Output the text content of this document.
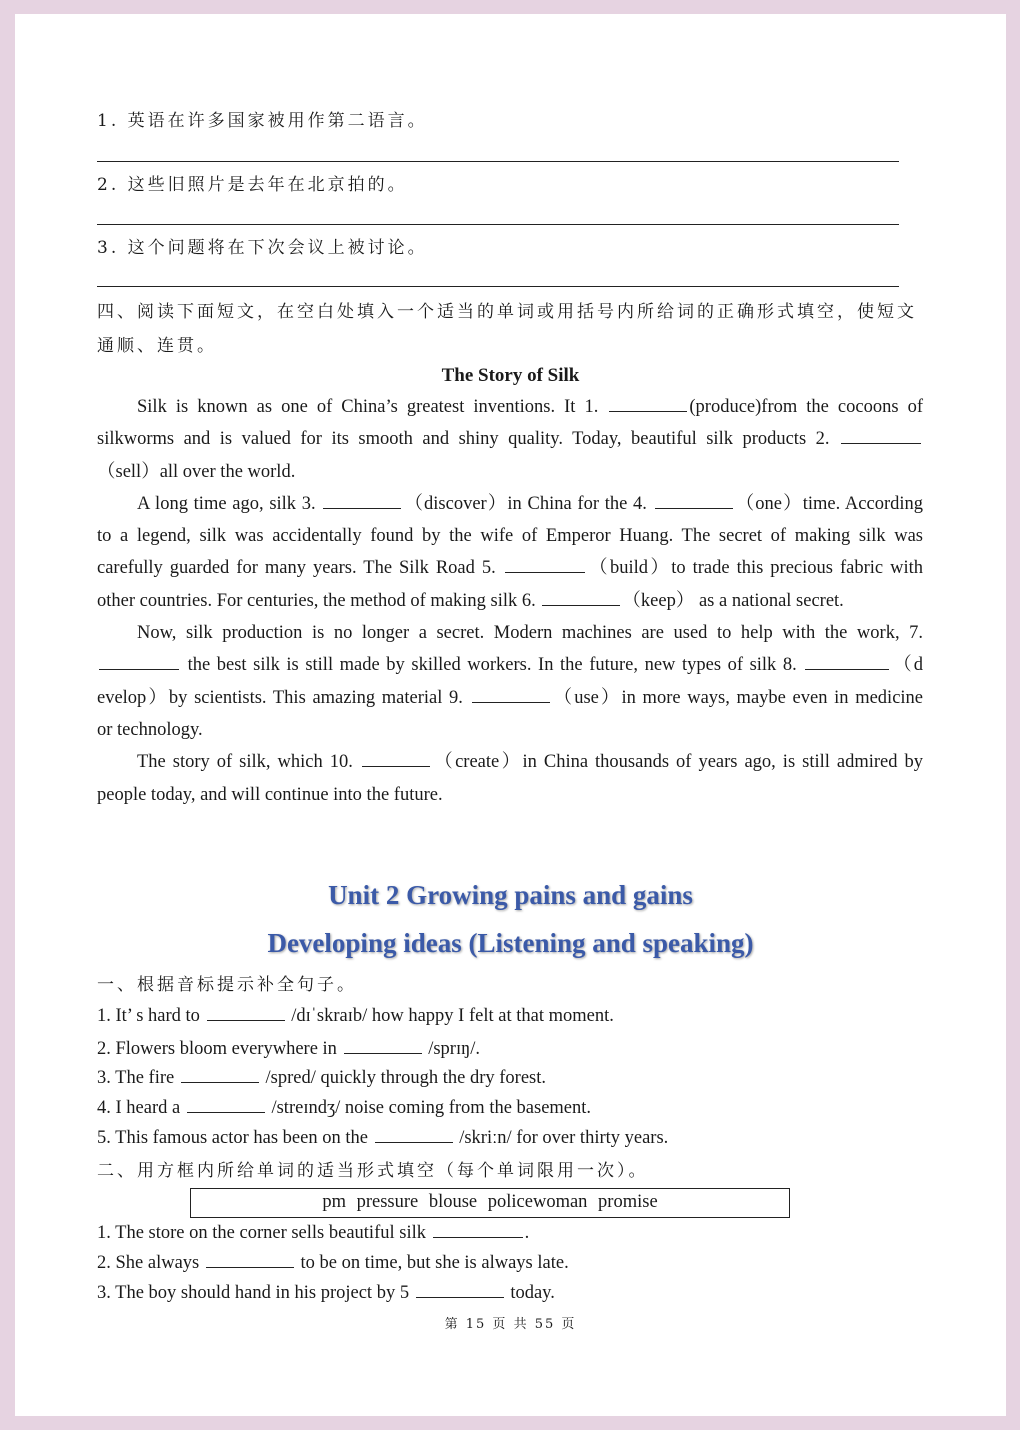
1. 英语在许多国家被用作第二语言。
2. 这些旧照片是去年在北京拍的。
3. 这个问题将在下次会议上被讨论。
四、阅读下面短文，在空白处填入一个适当的单词或用括号内所给词的正确形式填空，使短文
通顺、连贯。
The Story of Silk
Silk is known as one of China’s greatest inventions. It 1.	(produce)from the cocoons of
silkworms and is valued for its smooth and shiny quality. Today, beautiful silk products 2.
（sell）all over the world.
A long time ago, silk 3.	（discover）in China for the 4.	（one）time. According
to a legend, silk was accidentally found by the wife of Emperor Huang. The secret of making silk was
carefully guarded for many years. The Silk Road 5.	（build）to trade this precious fabric with
other countries. For centuries, the method of making silk 6.	（keep） as a national secret.
Now, silk production is no longer a secret. Modern machines are used to help with the work, 7.
the best silk is still made by skilled workers. In the future, new types of silk 8.	（d
evelop）by scientists. This amazing material 9.	（use）in more ways, maybe even in medicine
or technology.
The story of silk, which 10.	（create）in China thousands of years ago, is still admired by
people today, and will continue into the future.
Unit 2 Growing pains and gains
Developing ideas (Listening and speaking)
一、根据音标提示补全句子。
1. It’ s hard to	/dɪˈskraɪb/ how happy I felt at that moment.
2. Flowers bloom everywhere in	/sprɪŋ/.
3. The fire	/spred/ quickly through the dry forest.
4. I heard a	/streɪndʒ/ noise coming from the basement.
5. This famous actor has been on the	/skriːn/ for over thirty years.
二、用方框内所给单词的适当形式填空（每个单词限用一次）。
pm pressure blouse policewoman promise
1. The store on the corner sells beautiful silk	.
2. She always	to be on time, but she is always late.
3. The boy should hand in his project by 5	today.
第 15 页 共 55 页
